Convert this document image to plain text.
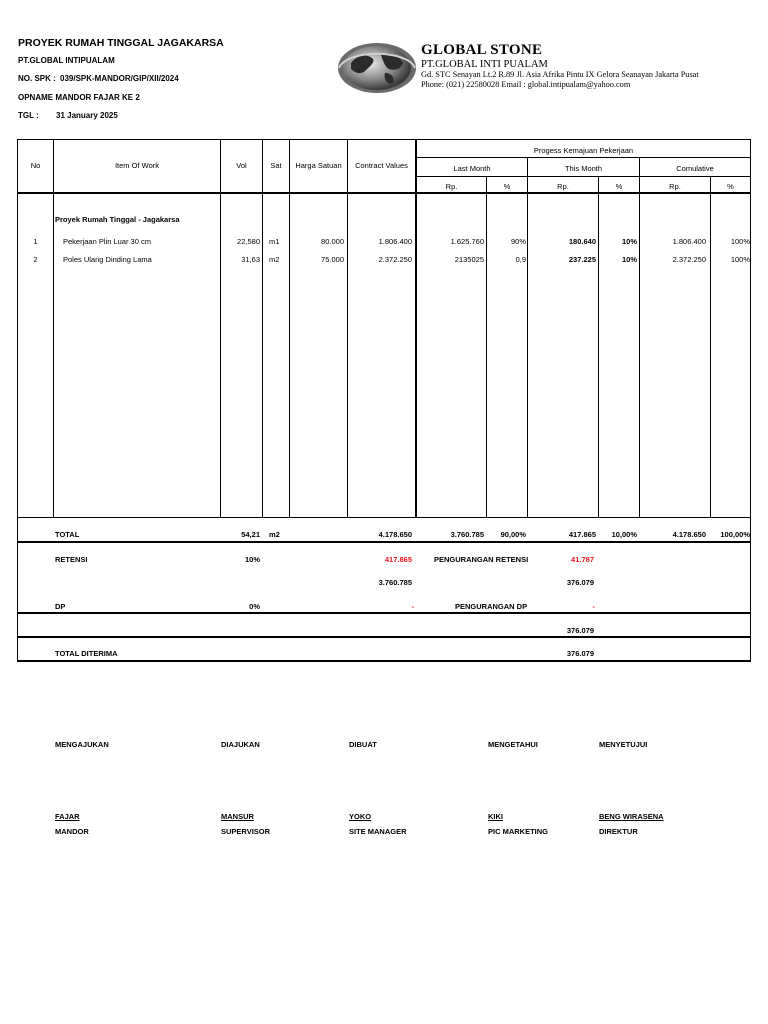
PROYEK RUMAH TINGGAL JAGAKARSA
PT.GLOBAL INTIPUALAM
NO. SPK : 039/SPK-MANDOR/GIP/XII/2024
OPNAME MANDOR FAJAR KE 2
TGL : 31 January 2025
GLOBAL STONE
PT.GLOBAL INTI PUALAM
Gd. STC Senayan Lt.2 R.89 Jl. Asia Afrika Pintu IX Gelora Seanayan Jakarta Pusat
Phone: (021) 22580028 Email : global.intipualam@yahoo.com
No	Item Of Work	Vol	Sat	Harga Satuan	Contract Values
Progess Kemajuan Pekerjaan
Last Month	This Month	Comulative
Rp.	%	Rp.	%	Rp.	%
Proyek Rumah Tinggal - Jagakarsa
1	Pekerjaan Plin Luar 30 cm	22,580 m1	80.000	1.806.400	1.625.760	90%	180.640	10%	1.806.400	100%
2	Poles Ulang Dinding Lama	31,63 m2	75.000	2.372.250	2135025	0,9	237.225	10%	2.372.250	100%
TOTAL	54,21 m2	4.178.650	3.760.785	90,00%	417.865	10,00%	4.178.650	100,00%
RETENSI	10%	417.865	PENGURANGAN RETENSI	41.787
3.760.785	376.079
DP	0%	-	PENGURANGAN DP	-
376.079
TOTAL DITERIMA	376.079
MENGAJUKAN
FAJAR
MANDOR
DIAJUKAN
MANSUR
SUPERVISOR
DIBUAT
YOKO
SITE MANAGER
MENGETAHUI
KIKI
PIC MARKETING
MENYETUJUI
BENG WIRASENA
DIREKTUR
